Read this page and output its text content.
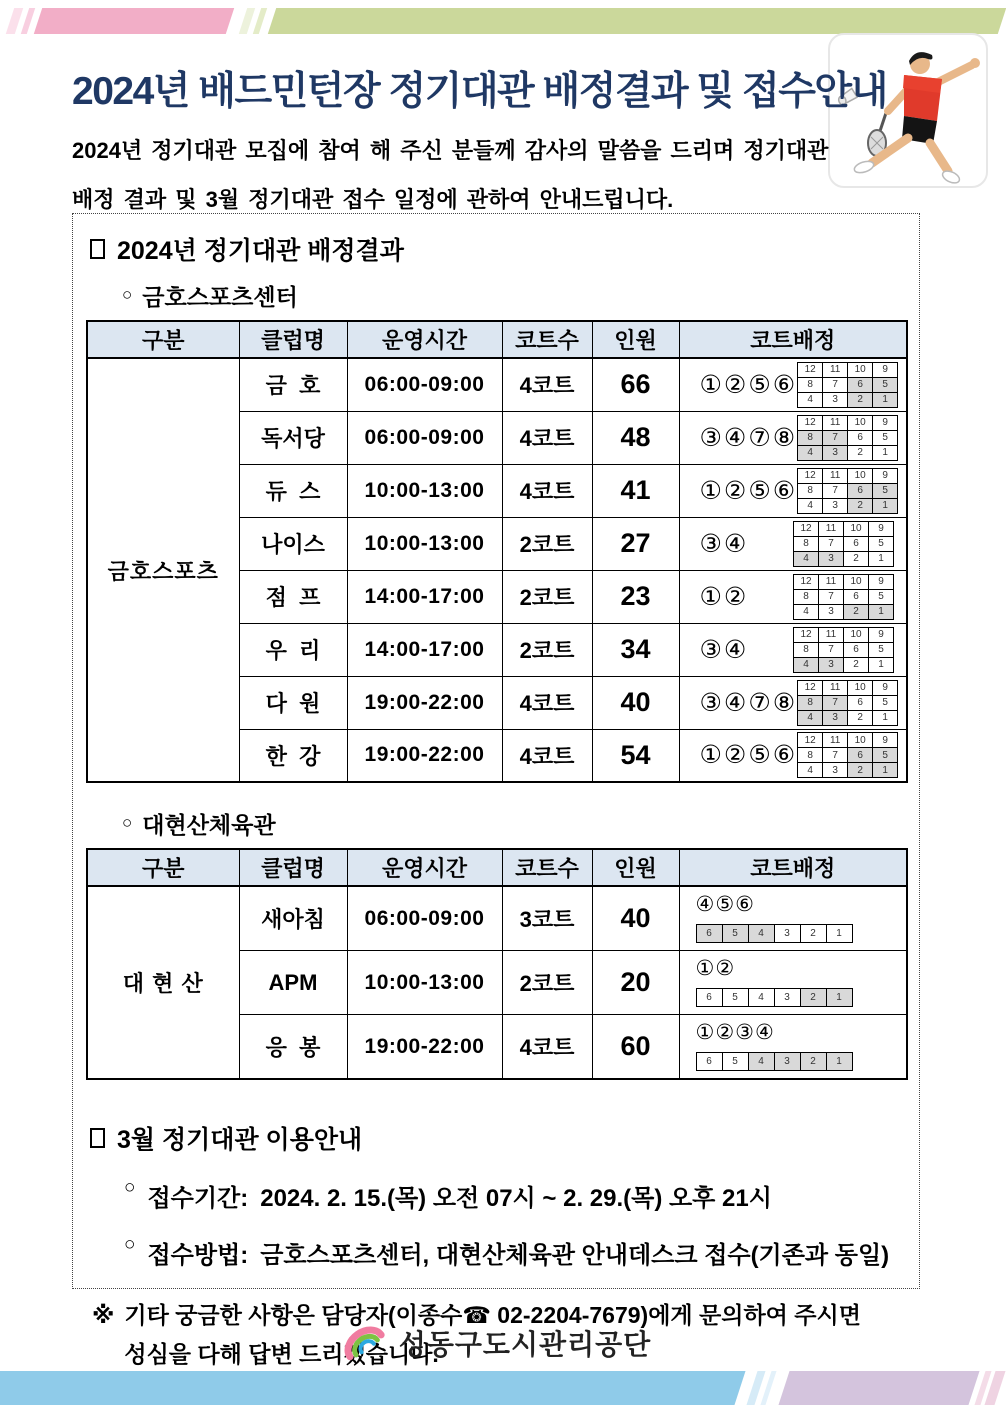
2024년 배드민턴장 정기대관 배정결과 및 접수안내
2024년 정기대관 모집에 참여 해 주신 분들께 감사의 말씀을 드리며 정기대관
배정 결과 및 3월 정기대관 접수 일정에 관하여 안내드립니다.
2024년 정기대관 배정결과
○ 금호스포츠센터
구분	클럽명	운영시간	코트수	인원	코트배정
금호스포츠	금  호	06:00-09:00	4코트	66	①②⑤⑥
12	11	10	9
8	7	6	5
4	3	2	1

독서당	06:00-09:00	4코트	48	③④⑦⑧
12	11	10	9
8	7	6	5
4	3	2	1

듀  스	10:00-13:00	4코트	41	①②⑤⑥
12	11	10	9
8	7	6	5
4	3	2	1

나이스	10:00-13:00	2코트	27	③④
12	11	10	9
8	7	6	5
4	3	2	1

점  프	14:00-17:00	2코트	23	①②
12	11	10	9
8	7	6	5
4	3	2	1

우  리	14:00-17:00	2코트	34	③④
12	11	10	9
8	7	6	5
4	3	2	1

다  원	19:00-22:00	4코트	40	③④⑦⑧
12	11	10	9
8	7	6	5
4	3	2	1

한  강	19:00-22:00	4코트	54	①②⑤⑥
12	11	10	9
8	7	6	5
4	3	2	1
○ 대현산체육관
구분	클럽명	운영시간	코트수	인원	코트배정
대 현 산	새아침	06:00-09:00	3코트	40	④⑤⑥
6	5	4	3	2	1

APM	10:00-13:00	2코트	20	①②
6	5	4	3	2	1

응  봉	19:00-22:00	4코트	60	①②③④
6	5	4	3	2	1
3월 정기대관 이용안내
○ 접수기간: 2024. 2. 15.(목) 오전 07시 ~ 2. 29.(목) 오후 21시
○ 접수방법: 금호스포츠센터, 대현산체육관 안내데스크 접수(기존과 동일)
※ 기타 궁금한 사항은 담당자(이종수☎ 02-2204-7679)에게 문의하여 주시면
성심을 다해 답변 드리겠습니다.
성동구도시관리공단
